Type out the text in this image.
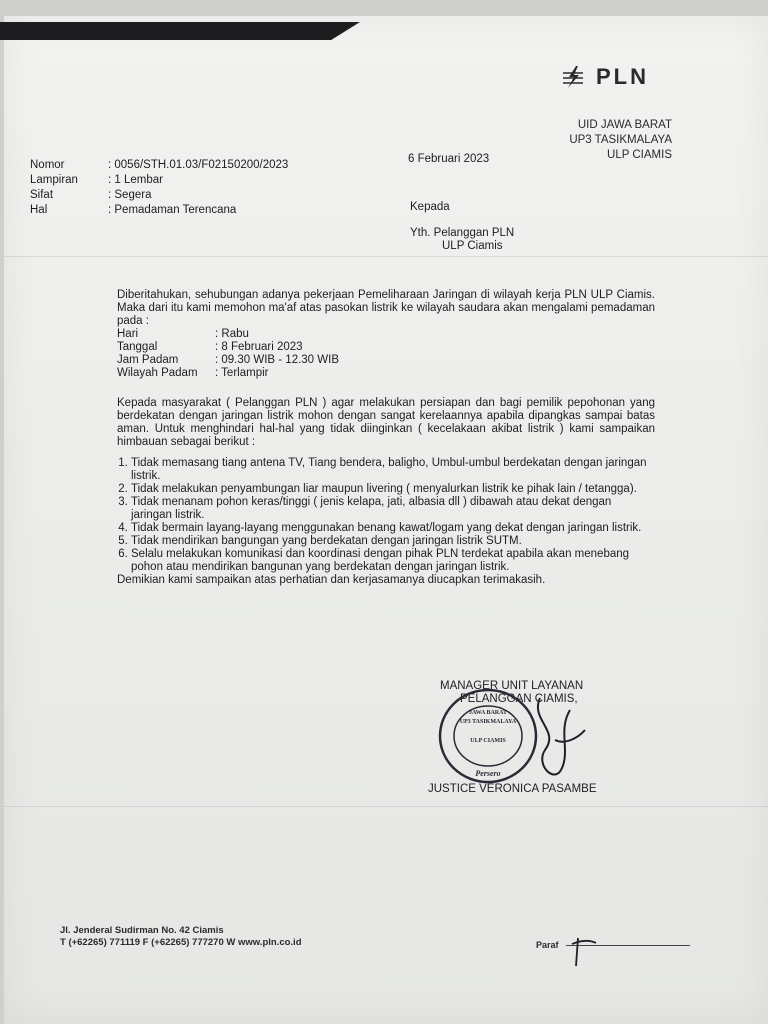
PLN
UID JAWA BARAT
UP3 TASIKMALAYA
ULP CIAMIS
Nomor	: 0056/STH.01.03/F02150200/2023
Lampiran	: 1 Lembar
Sifat	: Segera
Hal	: Pemadaman Terencana
6 Februari 2023
Kepada
Yth. Pelanggan PLN
ULP Ciamis

Diberitahukan, sehubungan adanya pekerjaan Pemeliharaan Jaringan di wilayah kerja PLN ULP Ciamis. Maka dari itu kami memohon ma'af atas pasokan listrik ke wilayah saudara akan mengalami pemadaman pada :

Hari	: Rabu
Tanggal	: 8 Februari 2023
Jam Padam	: 09.30 WIB - 12.30 WIB
Wilayah Padam	: Terlampir

Kepada masyarakat ( Pelanggan PLN ) agar melakukan persiapan dan bagi pemilik pepohonan yang berdekatan dengan jaringan listrik mohon dengan sangat kerelaannya apabila dipangkas sampai batas aman. Untuk menghindari hal-hal yang tidak diinginkan ( kecelakaan akibat listrik ) kami sampaikan himbauan sebagai berikut :

1. Tidak memasang tiang antena TV, Tiang bendera, baligho, Umbul-umbul berdekatan dengan jaringan listrik.
2. Tidak melakukan penyambungan liar maupun livering ( menyalurkan listrik ke pihak lain / tetangga).
3. Tidak menanam pohon keras/tinggi ( jenis kelapa, jati, albasia dll ) dibawah atau dekat dengan jaringan listrik.
4. Tidak bermain layang-layang menggunakan benang kawat/logam yang dekat dengan jaringan listrik.
5. Tidak mendirikan bangungan yang berdekatan dengan jaringan listrik SUTM.
6. Selalu melakukan komunikasi dan koordinasi dengan pihak PLN terdekat apabila akan menebang pohon atau mendirikan bangunan yang berdekatan dengan jaringan listrik.

Demikian kami sampaikan atas perhatian dan kerjasamanya diucapkan terimakasih.

MANAGER UNIT LAYANAN
PELANGGAN CIAMIS,
JAWA BARAT
UP3 TASIKMALAYA
ULP CIAMIS
Persero
JUSTICE VERONICA PASAMBE
Jl. Jenderal Sudirman No. 42 Ciamis
T (+62265) 771119 F (+62265) 777270 W www.pln.co.id	Paraf
